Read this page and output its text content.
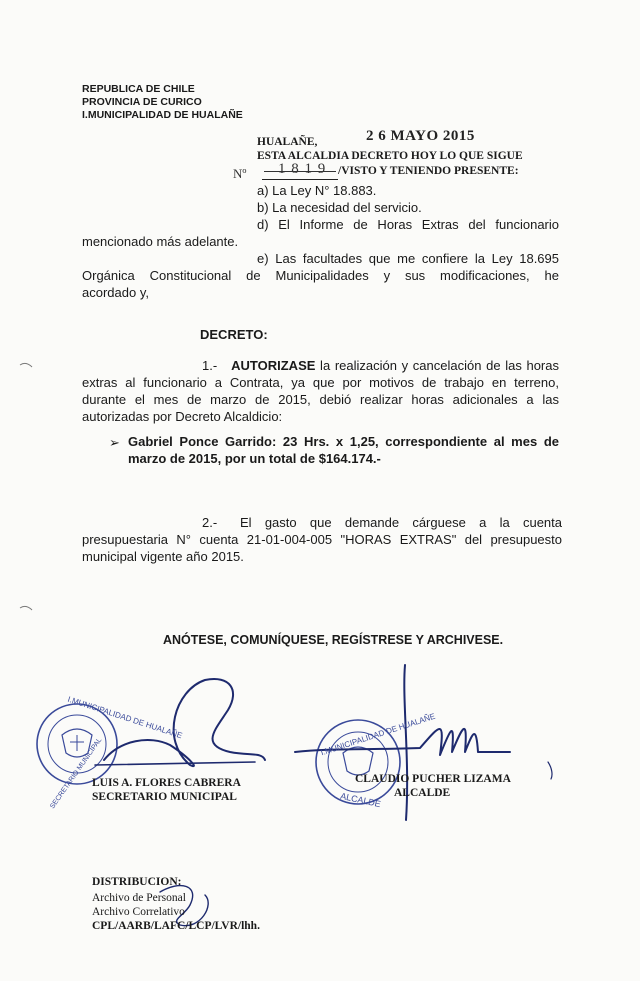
REPUBLICA DE CHILE
PROVINCIA DE CURICO
I.MUNICIPALIDAD DE HUALAÑE
HUALAÑE,	2 6 MAYO 2015
ESTA ALCALDIA DECRETO HOY LO QUE SIGUE
Nº 1 8 1 9 /VISTO Y TENIENDO PRESENTE:
a) La Ley N° 18.883.
b) La necesidad del servicio.
d) El Informe de Horas Extras del funcionario
mencionado más adelante.
e) Las facultades que me confiere la Ley 18.695
Orgánica Constitucional de Municipalidades y sus modificaciones, he
acordado y,
DECRETO:
1.- AUTORIZASE la realización y cancelación de las horas
extras al funcionario a Contrata, ya que por motivos de trabajo en terreno,
durante el mes de marzo de 2015, debió realizar horas adicionales a las
autorizadas por Decreto Alcaldicio:
➢ Gabriel Ponce Garrido: 23 Hrs. x 1,25, correspondiente al mes de
marzo de 2015, por un total de $164.174.-
2.- El gasto que demande cárguese a la cuenta
presupuestaria N° cuenta 21-01-004-005 "HORAS EXTRAS" del presupuesto
municipal vigente año 2015.
ANÓTESE, COMUNÍQUESE, REGÍSTRESE Y ARCHIVESE.
I.MUNICIPALIDAD DE HUALAÑE
SECRETARIO MUNICIPAL
I.MUNICIPALIDAD DE HUALAÑE
ALCALDE
LUIS A. FLORES CABRERA
SECRETARIO MUNICIPAL
CLAUDIO PUCHER LIZAMA
ALCALDE
DISTRIBUCION:
Archivo de Personal
Archivo Correlativo
CPL/AARB/LAFC/LCP/LVR/lhh.
